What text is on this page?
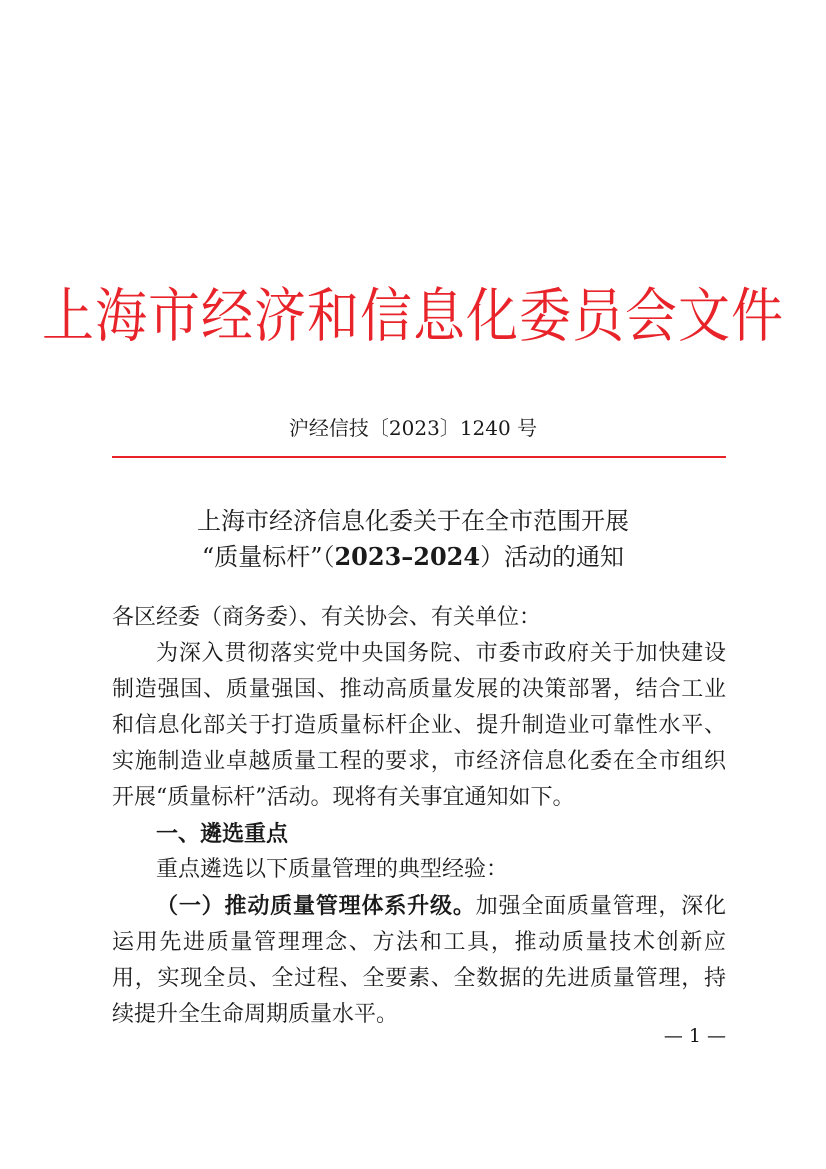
上海市经济和信息化委员会文件
沪经信技〔2023〕1240 号
上海市经济信息化委关于在全市范围开展
“质量标杆”（2023–2024）活动的通知

各区经委（商务委）、有关协会、有关单位：

为深入贯彻落实党中央国务院、市委市政府关于加快建设制造强国、质量强国、推动高质量发展的决策部署，结合工业和信息化部关于打造质量标杆企业、提升制造业可靠性水平、实施制造业卓越质量工程的要求，市经济信息化委在全市组织开展“质量标杆”活动。现将有关事宜通知如下。

一、遴选重点

重点遴选以下质量管理的典型经验：

（一）推动质量管理体系升级。加强全面质量管理，深化运用先进质量管理理念、方法和工具，推动质量技术创新应用，实现全员、全过程、全要素、全数据的先进质量管理，持续提升全生命周期质量水平。

— 1 —
